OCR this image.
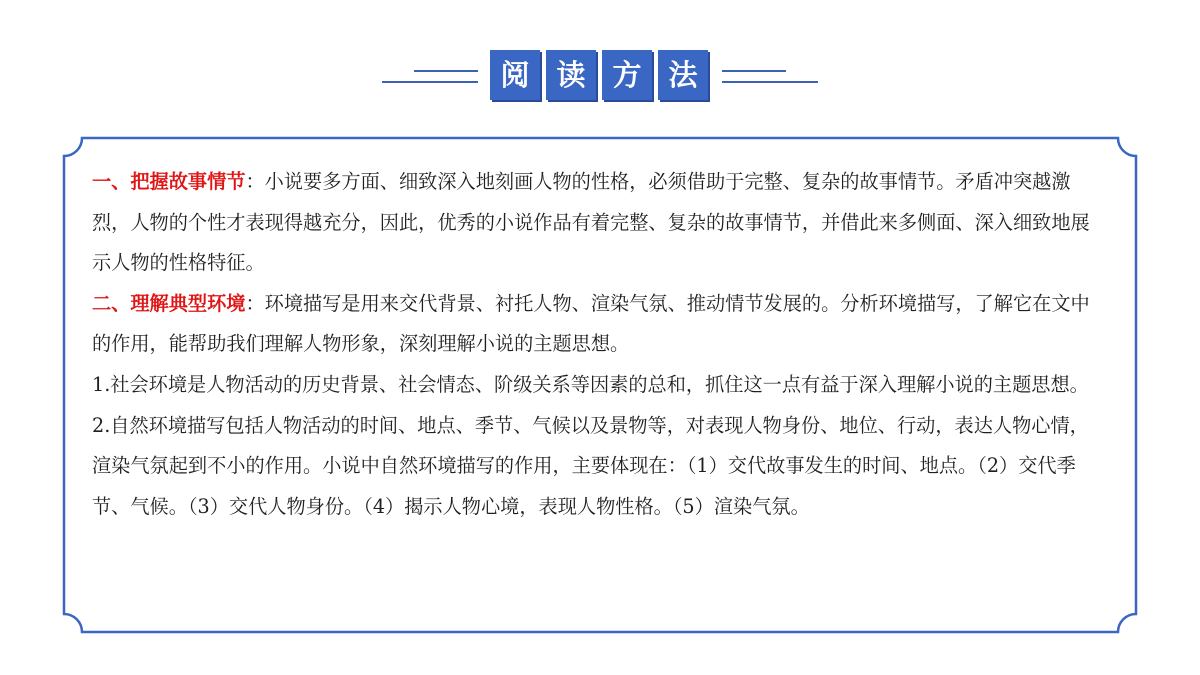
阅 读 方 法

一、把握故事情节：小说要多方面、细致深入地刻画人物的性格，必须借助于完整、复杂的故事情节。矛盾冲突越激烈，人物的个性才表现得越充分，因此，优秀的小说作品有着完整、复杂的故事情节，并借此来多侧面、深入细致地展示人物的性格特征。

二、理解典型环境：环境描写是用来交代背景、衬托人物、渲染气氛、推动情节发展的。分析环境描写，了解它在文中的作用，能帮助我们理解人物形象，深刻理解小说的主题思想。

1.社会环境是人物活动的历史背景、社会情态、阶级关系等因素的总和，抓住这一点有益于深入理解小说的主题思想。

2.自然环境描写包括人物活动的时间、地点、季节、气候以及景物等，对表现人物身份、地位、行动，表达人物心情，渲染气氛起到不小的作用。小说中自然环境描写的作用，主要体现在：（1）交代故事发生的时间、地点。（2）交代季节、气候。（3）交代人物身份。（4）揭示人物心境，表现人物性格。（5）渲染气氛。
